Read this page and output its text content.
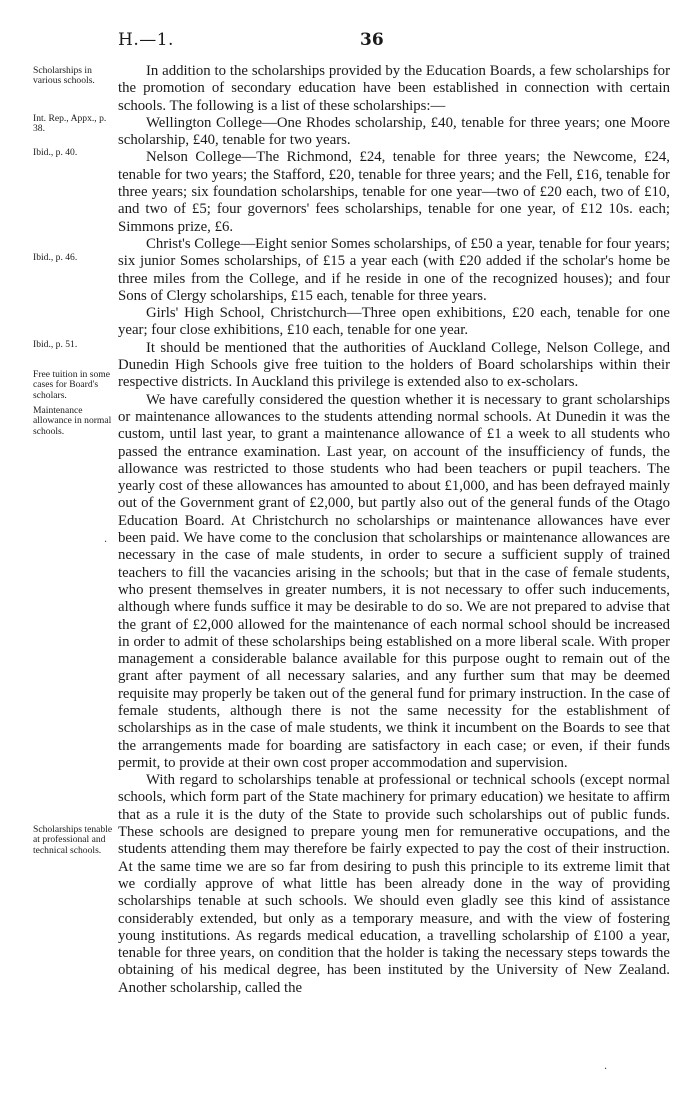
H.—1.	36
Scholarships in various schools.
Int. Rep., Appx., p. 38.
Ibid., p. 40.
Ibid., p. 46.
Ibid., p. 51.
Free tuition in some cases for Board's scholars.
Maintenance allowance in normal schools.
Scholarships tenable at professional and technical schools.

In addition to the scholarships provided by the Education Boards, a few scholarships for the promotion of secondary education have been established in connection with certain schools. The following is a list of these scholarships:—

Wellington College—One Rhodes scholarship, £40, tenable for three years; one Moore scholarship, £40, tenable for two years.

Nelson College—The Richmond, £24, tenable for three years; the Newcome, £24, tenable for two years; the Stafford, £20, tenable for three years; and the Fell, £16, tenable for three years; six foundation scholarships, tenable for one year—two of £20 each, two of £10, and two of £5; four governors' fees scholarships, tenable for one year, of £12 10s. each; Simmons prize, £6.

Christ's College—Eight senior Somes scholarships, of £50 a year, tenable for four years; six junior Somes scholarships, of £15 a year each (with £20 added if the scholar's home be three miles from the College, and if he reside in one of the recognized houses); and four Sons of Clergy scholarships, £15 each, tenable for three years.

Girls' High School, Christchurch—Three open exhibitions, £20 each, tenable for one year; four close exhibitions, £10 each, tenable for one year.

It should be mentioned that the authorities of Auckland College, Nelson College, and Dunedin High Schools give free tuition to the holders of Board scholarships within their respective districts. In Auckland this privilege is extended also to ex-scholars.

We have carefully considered the question whether it is necessary to grant scholarships or maintenance allowances to the students attending normal schools. At Dunedin it was the custom, until last year, to grant a maintenance allowance of £1 a week to all students who passed the entrance examination. Last year, on account of the insufficiency of funds, the allowance was restricted to those students who had been teachers or pupil teachers. The yearly cost of these allowances has amounted to about £1,000, and has been defrayed mainly out of the Government grant of £2,000, but partly also out of the general funds of the Otago Education Board. At Christchurch no scholarships or maintenance allowances have ever been paid. We have come to the conclusion that scholarships or maintenance allowances are necessary in the case of male students, in order to secure a sufficient supply of trained teachers to fill the vacancies arising in the schools; but that in the case of female students, who present themselves in greater numbers, it is not necessary to offer such inducements, although where funds suffice it may be desirable to do so. We are not prepared to advise that the grant of £2,000 allowed for the maintenance of each normal school should be increased in order to admit of these scholarships being established on a more liberal scale. With proper management a considerable balance available for this purpose ought to remain out of the grant after payment of all necessary salaries, and any further sum that may be deemed requisite may properly be taken out of the general fund for primary instruction. In the case of female students, although there is not the same necessity for the establishment of scholarships as in the case of male students, we think it incumbent on the Boards to see that the arrangements made for boarding are satisfactory in each case; or even, if their funds permit, to provide at their own cost proper accommodation and supervision.

With regard to scholarships tenable at professional or technical schools (except normal schools, which form part of the State machinery for primary education) we hesitate to affirm that as a rule it is the duty of the State to provide such scholarships out of public funds. These schools are designed to prepare young men for remunerative occupations, and the students attending them may therefore be fairly expected to pay the cost of their instruction. At the same time we are so far from desiring to push this principle to its extreme limit that we cordially approve of what little has been already done in the way of providing scholarships tenable at such schools. We should even gladly see this kind of assistance considerably extended, but only as a temporary measure, and with the view of fostering young institutions. As regards medical education, a travelling scholarship of £100 a year, tenable for three years, on condition that the holder is taking the necessary steps towards the obtaining of his medical degree, has been instituted by the University of New Zealand. Another scholarship, called the

·
·
